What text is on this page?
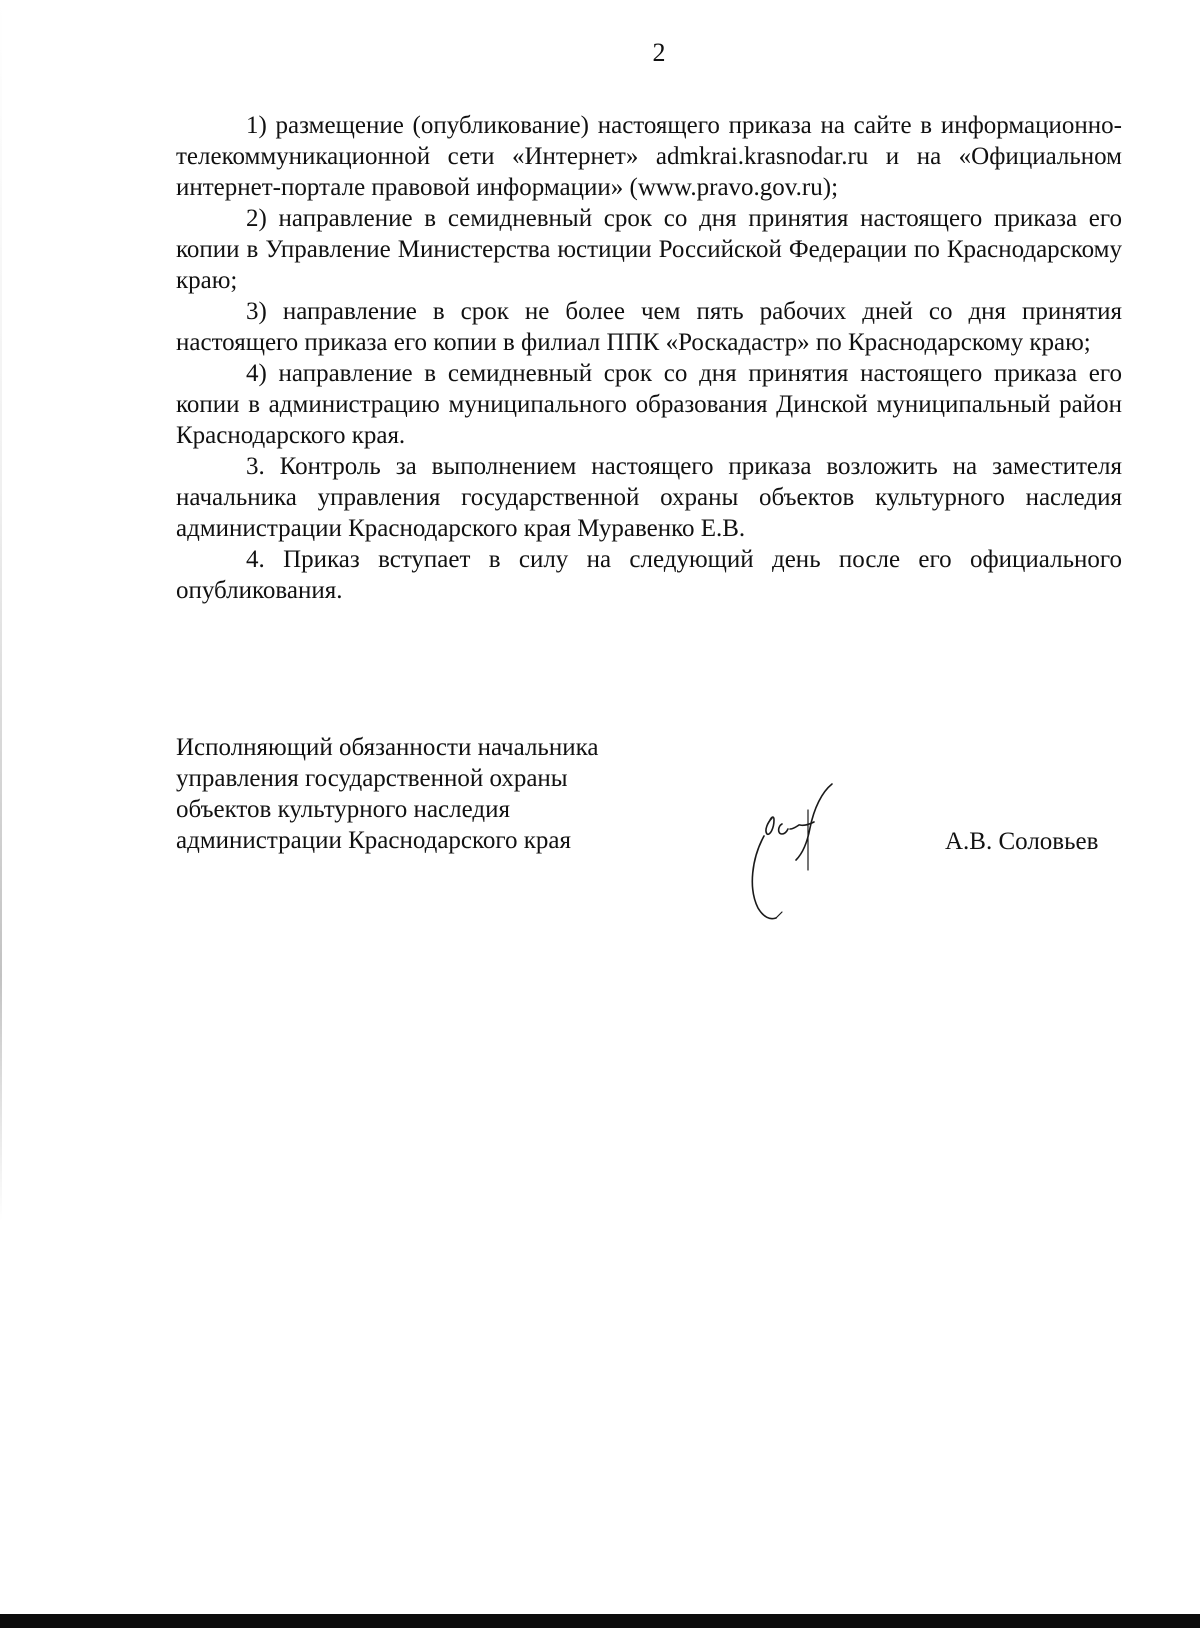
2

1) размещение (опубликование) настоящего приказа на сайте в информационно-телекоммуникационной сети «Интернет» admkrai.krasnodar.ru и на «Официальном интернет-портале правовой информации» (www.pravo.gov.ru);

2) направление в семидневный срок со дня принятия настоящего приказа его копии в Управление Министерства юстиции Российской Федерации по Краснодарскому краю;

3) направление в срок не более чем пять рабочих дней со дня принятия настоящего приказа его копии в филиал ППК «Роскадастр» по Краснодарскому краю;

4) направление в семидневный срок со дня принятия настоящего приказа его копии в администрацию муниципального образования Динской муниципальный район Краснодарского края.

3. Контроль за выполнением настоящего приказа возложить на заместителя начальника управления государственной охраны объектов культурного наследия администрации Краснодарского края Муравенко Е.В.

4. Приказ вступает в силу на следующий день после его официального опубликования.

Исполняющий обязанности начальника
управления государственной охраны
объектов культурного наследия
администрации Краснодарского края	А.В. Соловьев
